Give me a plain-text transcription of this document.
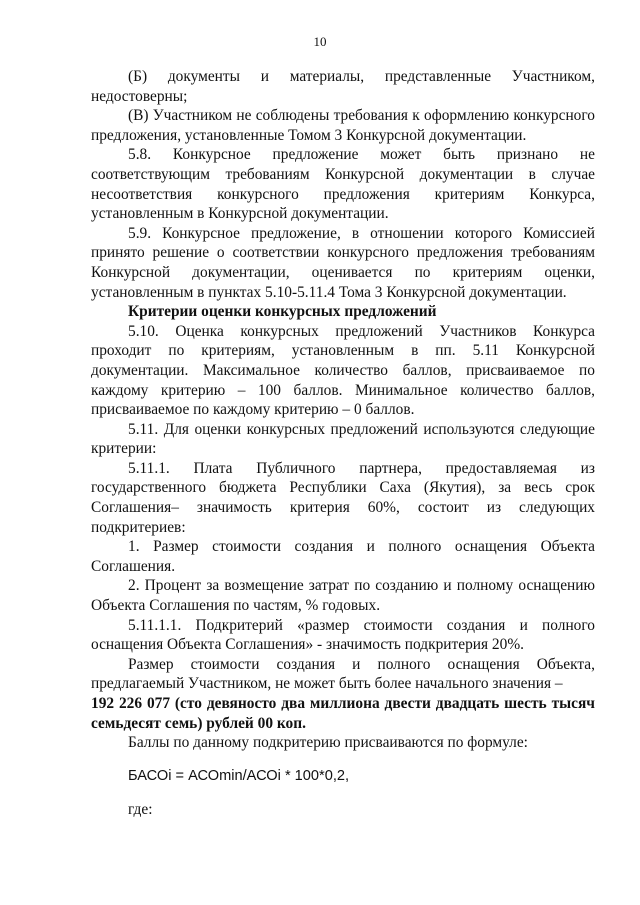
10

(Б) документы и материалы, представленные Участником, недостоверны;

(В) Участником не соблюдены требования к оформлению конкурсного предложения, установленные Томом 3 Конкурсной документации.

5.8. Конкурсное предложение может быть признано не соответствующим требованиям Конкурсной документации в случае несоответствия конкурсного предложения критериям Конкурса, установленным в Конкурсной документации.

5.9. Конкурсное предложение, в отношении которого Комиссией принято решение о соответствии конкурсного предложения требованиям Конкурсной документации, оценивается по критериям оценки, установленным в пунктах 5.10-5.11.4 Тома 3 Конкурсной документации.

Критерии оценки конкурсных предложений

5.10. Оценка конкурсных предложений Участников Конкурса проходит по критериям, установленным в пп. 5.11 Конкурсной документации. Максимальное количество баллов, присваиваемое по каждому критерию – 100 баллов. Минимальное количество баллов, присваиваемое по каждому критерию – 0 баллов.

5.11. Для оценки конкурсных предложений используются следующие критерии:

5.11.1. Плата Публичного партнера, предоставляемая из государственного бюджета Республики Саха (Якутия), за весь срок Соглашения– значимость критерия 60%, состоит из следующих подкритериев:

1. Размер стоимости создания и полного оснащения Объекта Соглашения.

2. Процент за возмещение затрат по созданию и полному оснащению Объекта Соглашения по частям, % годовых.

5.11.1.1. Подкритерий «размер стоимости создания и полного оснащения Объекта Соглашения» - значимость подкритерия 20%.

Размер стоимости создания и полного оснащения Объекта, предлагаемый Участником, не может быть более начального значения –

192 226 077 (сто девяносто два миллиона двести двадцать шесть тысяч семьдесят семь) рублей 00 коп.

Баллы по данному подкритерию присваиваются по формуле:

БАСОi = АСОmin/АСОi * 100*0,2,

где:
